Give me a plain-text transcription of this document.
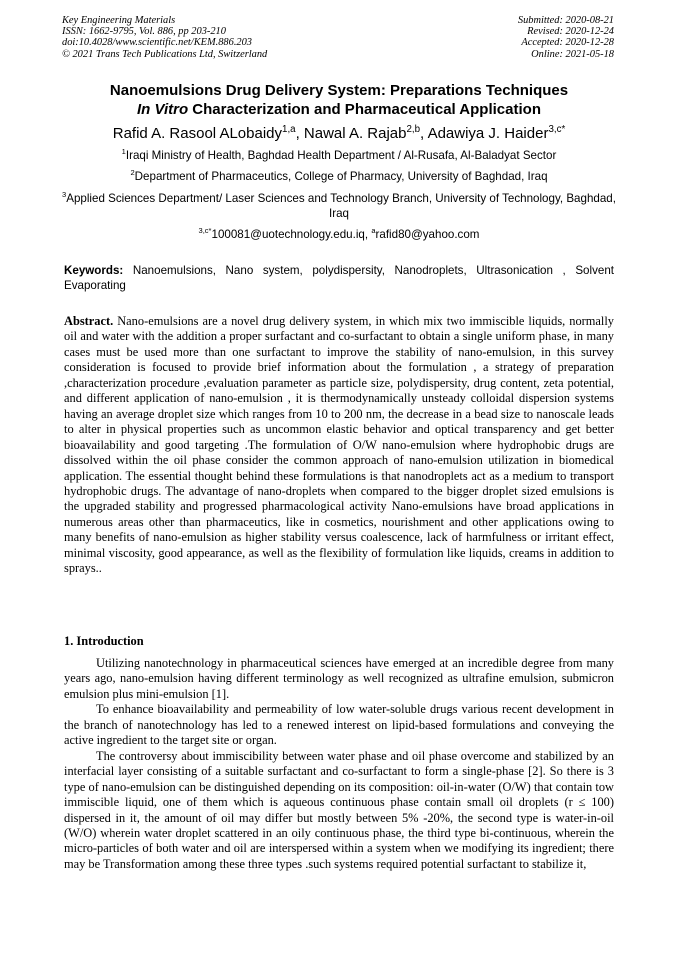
Key Engineering Materials
ISSN: 1662-9795, Vol. 886, pp 203-210
doi:10.4028/www.scientific.net/KEM.886.203
© 2021 Trans Tech Publications Ltd, Switzerland
Submitted: 2020-08-21
Revised: 2020-12-24
Accepted: 2020-12-28
Online: 2021-05-18
Nanoemulsions Drug Delivery System: Preparations Techniques
In Vitro Characterization and Pharmaceutical Application
Rafid A. Rasool ALobaidy$^{1,a}$, Nawal A. Rajab$^{2,b}$, Adawiya J. Haider$^{3,c*}$
$^1$Iraqi Ministry of Health, Baghdad Health Department / Al-Rusafa, Al-Baladyat Sector
$^2$Department of Pharmaceutics, College of Pharmacy, University of Baghdad, Iraq
$^3$Applied Sciences Department/ Laser Sciences and Technology Branch, University of Technology, Baghdad, Iraq
$^{3,c*}$100081@uotechnology.edu.iq, $^a$rafid80@yahoo.com
Keywords: Nanoemulsions, Nano system, polydispersity, Nanodroplets, Ultrasonication , Solvent Evaporating

Abstract. Nano-emulsions are a novel drug delivery system, in which mix two immiscible liquids, normally oil and water with the addition a proper surfactant and co-surfactant to obtain a single uniform phase, in many cases must be used more than one surfactant to improve the stability of nano-emulsion, in this survey consideration is focused to provide brief information about the formulation , a strategy of preparation ,characterization procedure ,evaluation parameter as particle size, polydispersity, drug content, zeta potential, and different application of nano-emulsion , it is thermodynamically unsteady colloidal dispersion systems having an average droplet size which ranges from 10 to 200 nm, the decrease in a bead size to nanoscale leads to alter in physical properties such as uncommon elastic behavior and optical transparency and get better bioavailability and good targeting .The formulation of O/W nano-emulsion where hydrophobic drugs are dissolved within the oil phase consider the common approach of nano-emulsion utilization in biomedical application. The essential thought behind these formulations is that nanodroplets act as a medium to transport hydrophobic drugs. The advantage of nano-droplets when compared to the bigger droplet sized emulsions is the upgraded stability and progressed pharmacological activity Nano-emulsions have broad applications in numerous areas other than pharmaceutics, like in cosmetics, nourishment and other applications owing to many benefits of nano-emulsion as higher stability versus coalescence, lack of harmfulness or irritant effect, minimal viscosity, good appearance, as well as the flexibility of formulation like liquids, creams in addition to sprays..

1. Introduction

Utilizing nanotechnology in pharmaceutical sciences have emerged at an incredible degree from many years ago, nano-emulsion having different terminology as well recognized as ultrafine emulsion, submicron emulsion plus mini-emulsion [1].

To enhance bioavailability and permeability of low water-soluble drugs various recent development in the branch of nanotechnology has led to a renewed interest on lipid-based formulations and conveying the active ingredient to the target site or organ.

The controversy about immiscibility between water phase and oil phase overcome and stabilized by an interfacial layer consisting of a suitable surfactant and co-surfactant to form a single-phase [2]. So there is 3 type of nano-emulsion can be distinguished depending on its composition: oil-in-water (O/W) that contain tow immiscible liquid, one of them which is aqueous continuous phase contain small oil droplets (r ≤ 100) dispersed in it, the amount of oil may differ but mostly between 5% -20%, the second type is water-in-oil (W/O) wherein water droplet scattered in an oily continuous phase, the third type bi-continuous, wherein the micro-particles of both water and oil are interspersed within a system when we modifying its ingredient; there may be Transformation among these three types .such systems required potential surfactant to stabilize it,
